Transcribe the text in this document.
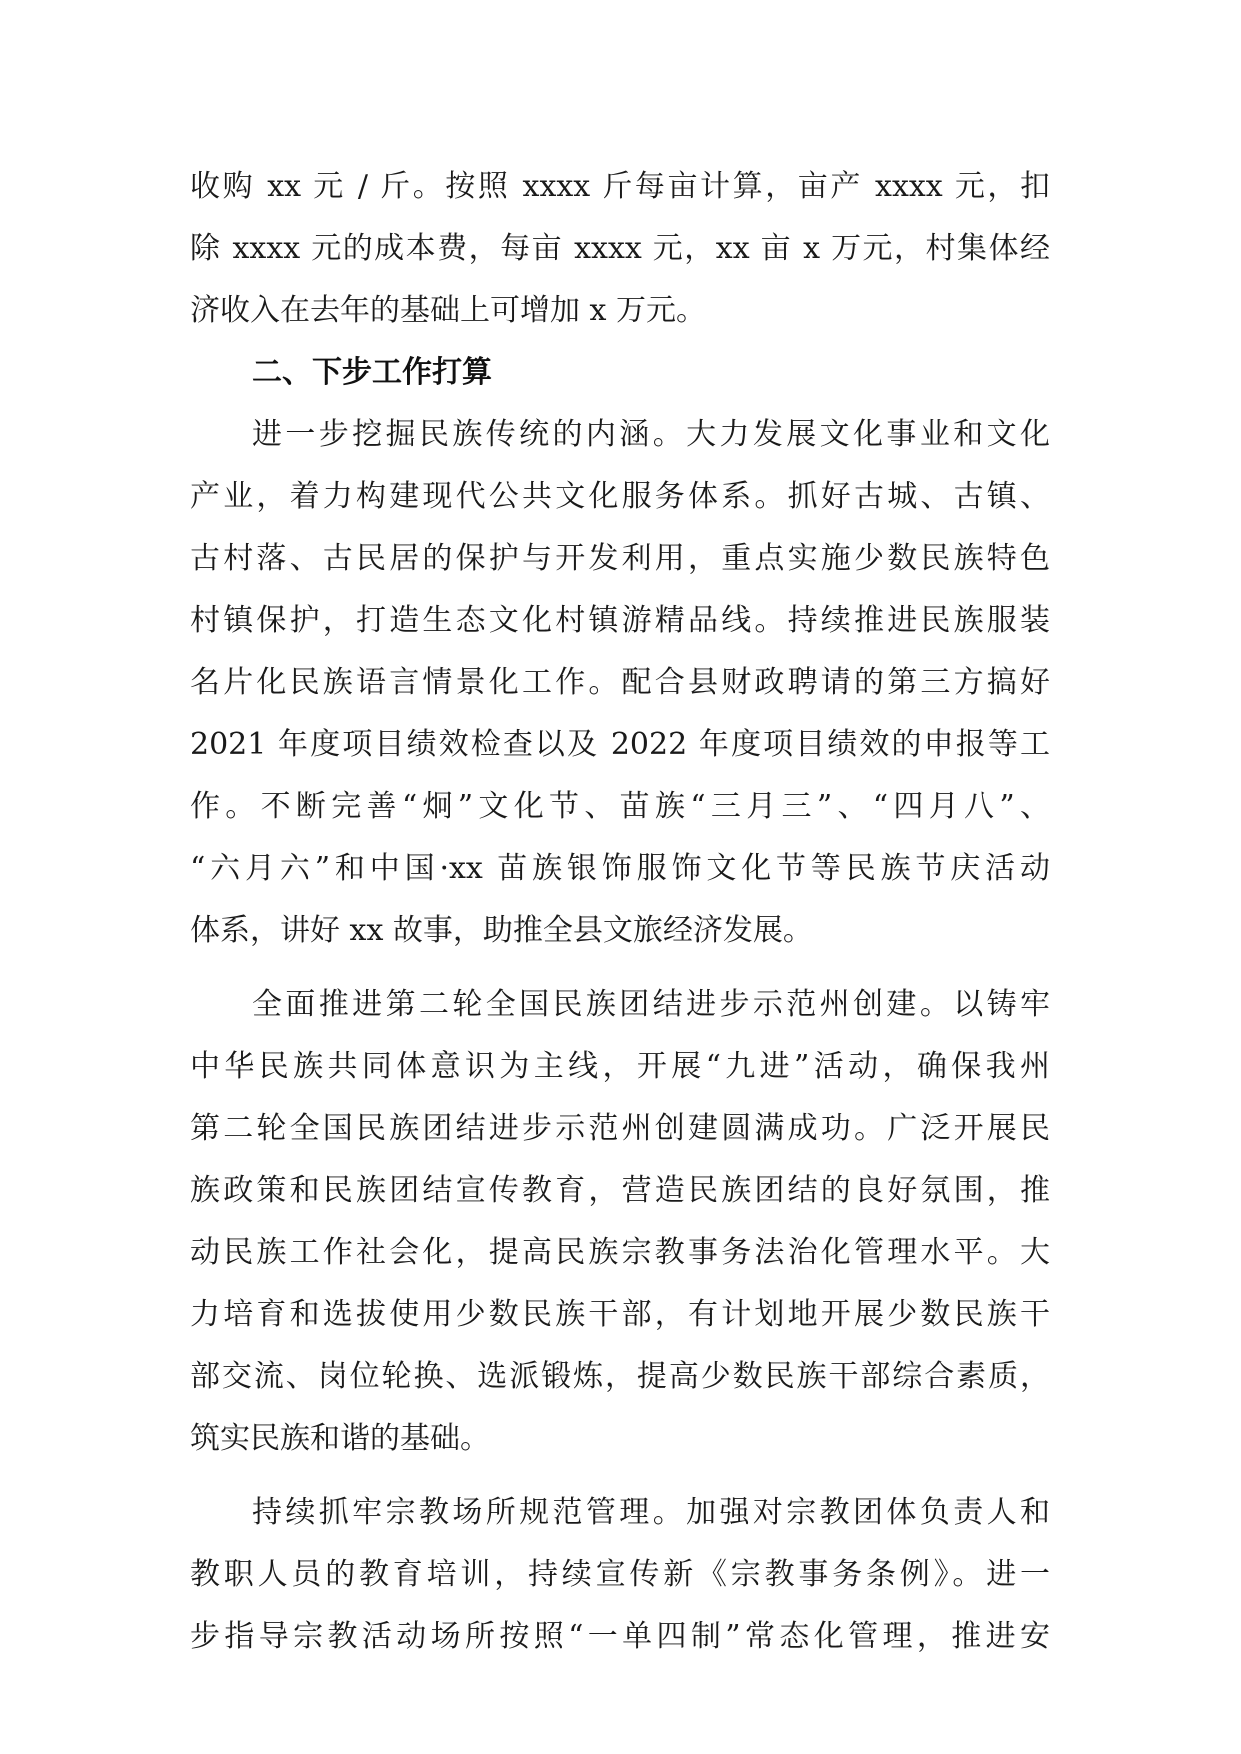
收购 xx 元 / 斤。按照 xxxx 斤每亩计算，亩产 xxxx 元，扣
除 xxxx 元的成本费，每亩 xxxx 元，xx 亩 x 万元，村集体经
济收入在去年的基础上可增加 x 万元。
二、下步工作打算
进一步挖掘民族传统的内涵。大力发展文化事业和文化
产业，着力构建现代公共文化服务体系。抓好古城、古镇、
古村落、古民居的保护与开发利用，重点实施少数民族特色
村镇保护，打造生态文化村镇游精品线。持续推进民族服装
名片化民族语言情景化工作。配合县财政聘请的第三方搞好
2021 年度项目绩效检查以及 2022 年度项目绩效的申报等工
作。不断完善“炯”文化节、苗族“三月三”、“四月八”、
“六月六”和中国·xx 苗族银饰服饰文化节等民族节庆活动
体系，讲好 xx 故事，助推全县文旅经济发展。
全面推进第二轮全国民族团结进步示范州创建。以铸牢
中华民族共同体意识为主线，开展“九进”活动，确保我州
第二轮全国民族团结进步示范州创建圆满成功。广泛开展民
族政策和民族团结宣传教育，营造民族团结的良好氛围，推
动民族工作社会化，提高民族宗教事务法治化管理水平。大
力培育和选拔使用少数民族干部，有计划地开展少数民族干
部交流、岗位轮换、选派锻炼，提高少数民族干部综合素质，
筑实民族和谐的基础。
持续抓牢宗教场所规范管理。加强对宗教团体负责人和
教职人员的教育培训，持续宣传新《宗教事务条例》。进一
步指导宗教活动场所按照“一单四制”常态化管理，推进安
